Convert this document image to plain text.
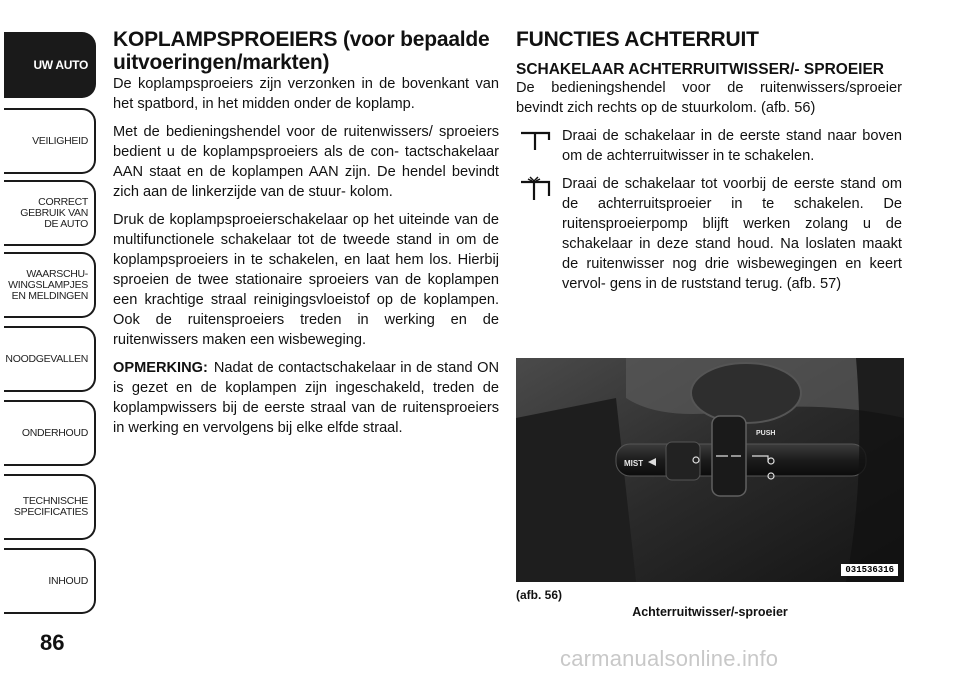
UW AUTO
VEILIGHEID
CORRECT GEBRUIK VAN DE AUTO
WAARSCHU- WINGSLAMPJES EN MELDINGEN
NOODGEVALLEN
ONDERHOUD
TECHNISCHE SPECIFICATIES
INHOUD
86
KOPLAMPSPROEIERS (voor bepaalde uitvoeringen/markten)

De koplampsproeiers zijn verzonken in de bovenkant van het spatbord, in het midden onder de koplamp.

Met de bedieningshendel voor de ruitenwissers/ sproeiers bedient u de koplampsproeiers als de con- tactschakelaar AAN staat en de koplampen AAN zijn. De hendel bevindt zich aan de linkerzijde van de stuur- kolom.

Druk de koplampsproeierschakelaar op het uiteinde van de multifunctionele schakelaar tot de tweede stand in om de koplampsproeiers in te schakelen, en laat hem los. Hierbij sproeien de twee stationaire sproeiers van de koplampen een krachtige straal reinigingsvloeistof op de koplampen. Ook de ruitensproeiers treden in werking en de ruitenwissers maken een wisbeweging.

OPMERKING: Nadat de contactschakelaar in de stand ON is gezet en de koplampen zijn ingeschakeld, treden de koplampwissers bij de eerste straal van de ruitensproeiers in werking en vervolgens bij elke elfde straal.

FUNCTIES ACHTERRUIT
SCHAKELAAR ACHTERRUITWISSER/- SPROEIER

De bedieningshendel voor de ruitenwissers/sproeier bevindt zich rechts op de stuurkolom. (afb. 56)

Draai de schakelaar in de eerste stand naar boven om de achterruitwisser in te schakelen.

Draai de schakelaar tot voorbij de eerste stand om de achterruitsproeier in te schakelen. De ruitensproeierpomp blijft werken zolang u de schakelaar in deze stand houd. Na loslaten maakt de ruitenwisser nog drie wisbewegingen en keert vervol- gens in de ruststand terug. (afb. 57)

MIST
PUSH
031536316
(afb. 56)
Achterruitwisser/-sproeier
carmanualsonline.info
